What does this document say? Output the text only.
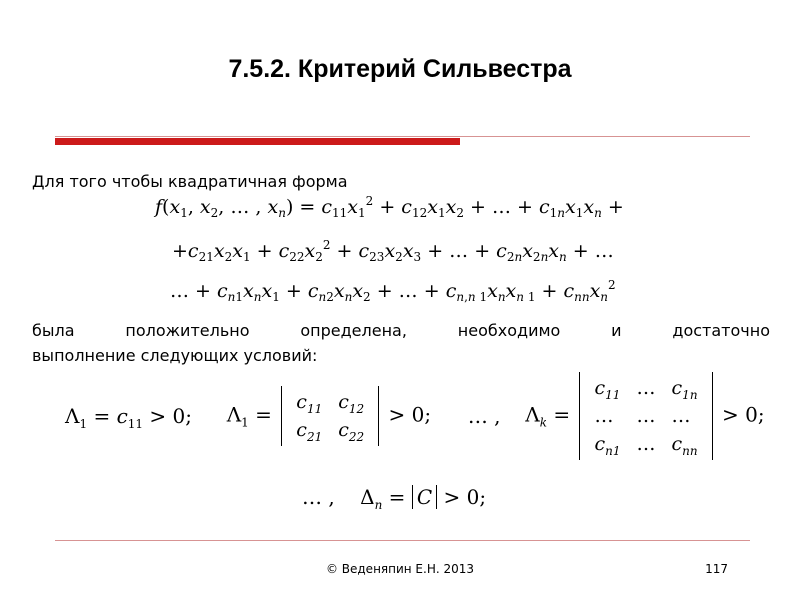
7.5.2. Критерий Сильвестра
Для того чтобы квадратичная форма
$f(x_1$, $x_2$, … , $x_n) = c_{11}x_1^2 + c_{12}x_1x_2$ + … + $c_{1n}x_1x_n$ +
$+c_{21}x_2x_1 + c_{22}x_2^2 + c_{23}x_2x_3$ + … + $c_{2n}x_{2n}x_n$ + …
… + $c_{n1}x_nx_1 + c_{n2}x_nx_2$ + … + $c_{n,n 1}x_nx_{n 1} + c_{nn}x_n^2$
была положительно определена, необходимо и достаточно
выполнение следующих условий:
$\Lambda_1 = c_{11} > 0$; $\Lambda_1$ =
$c_{11}$	$c_{12}$
$c_{21}$	$c_{22}$
> 0; … , $\Lambda_k$ =
$c_{11}$	…	$c_{1n}$
…	…	…
$c_{n1}$	…	$c_{nn}$
> 0;
… ,    $\Delta_n = C > 0$;
© Веденяпин Е.Н. 2013	117
